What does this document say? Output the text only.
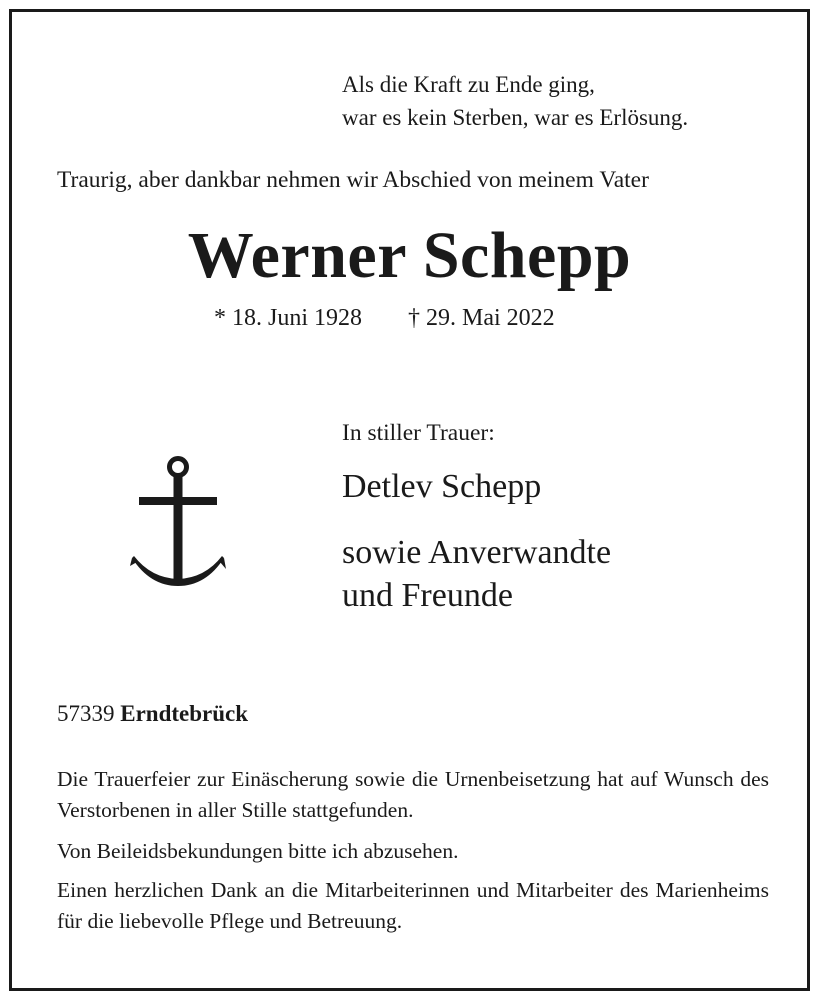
Als die Kraft zu Ende ging,
war es kein Sterben, war es Erlösung.
Traurig, aber dankbar nehmen wir Abschied von meinem Vater
Werner Schepp
* 18. Juni 1928 † 29. Mai 2022
In stiller Trauer:
Detlev Schepp
sowie Anverwandte
und Freunde
57339 Erndtebrück
Die Trauerfeier zur Einäscherung sowie die Urnenbeisetzung hat auf Wunsch des Verstorbenen in aller Stille stattgefunden.
Von Beileidsbekundungen bitte ich abzusehen.
Einen herzlichen Dank an die Mitarbeiterinnen und Mitarbeiter des Marienheims für die liebevolle Pflege und Betreuung.
